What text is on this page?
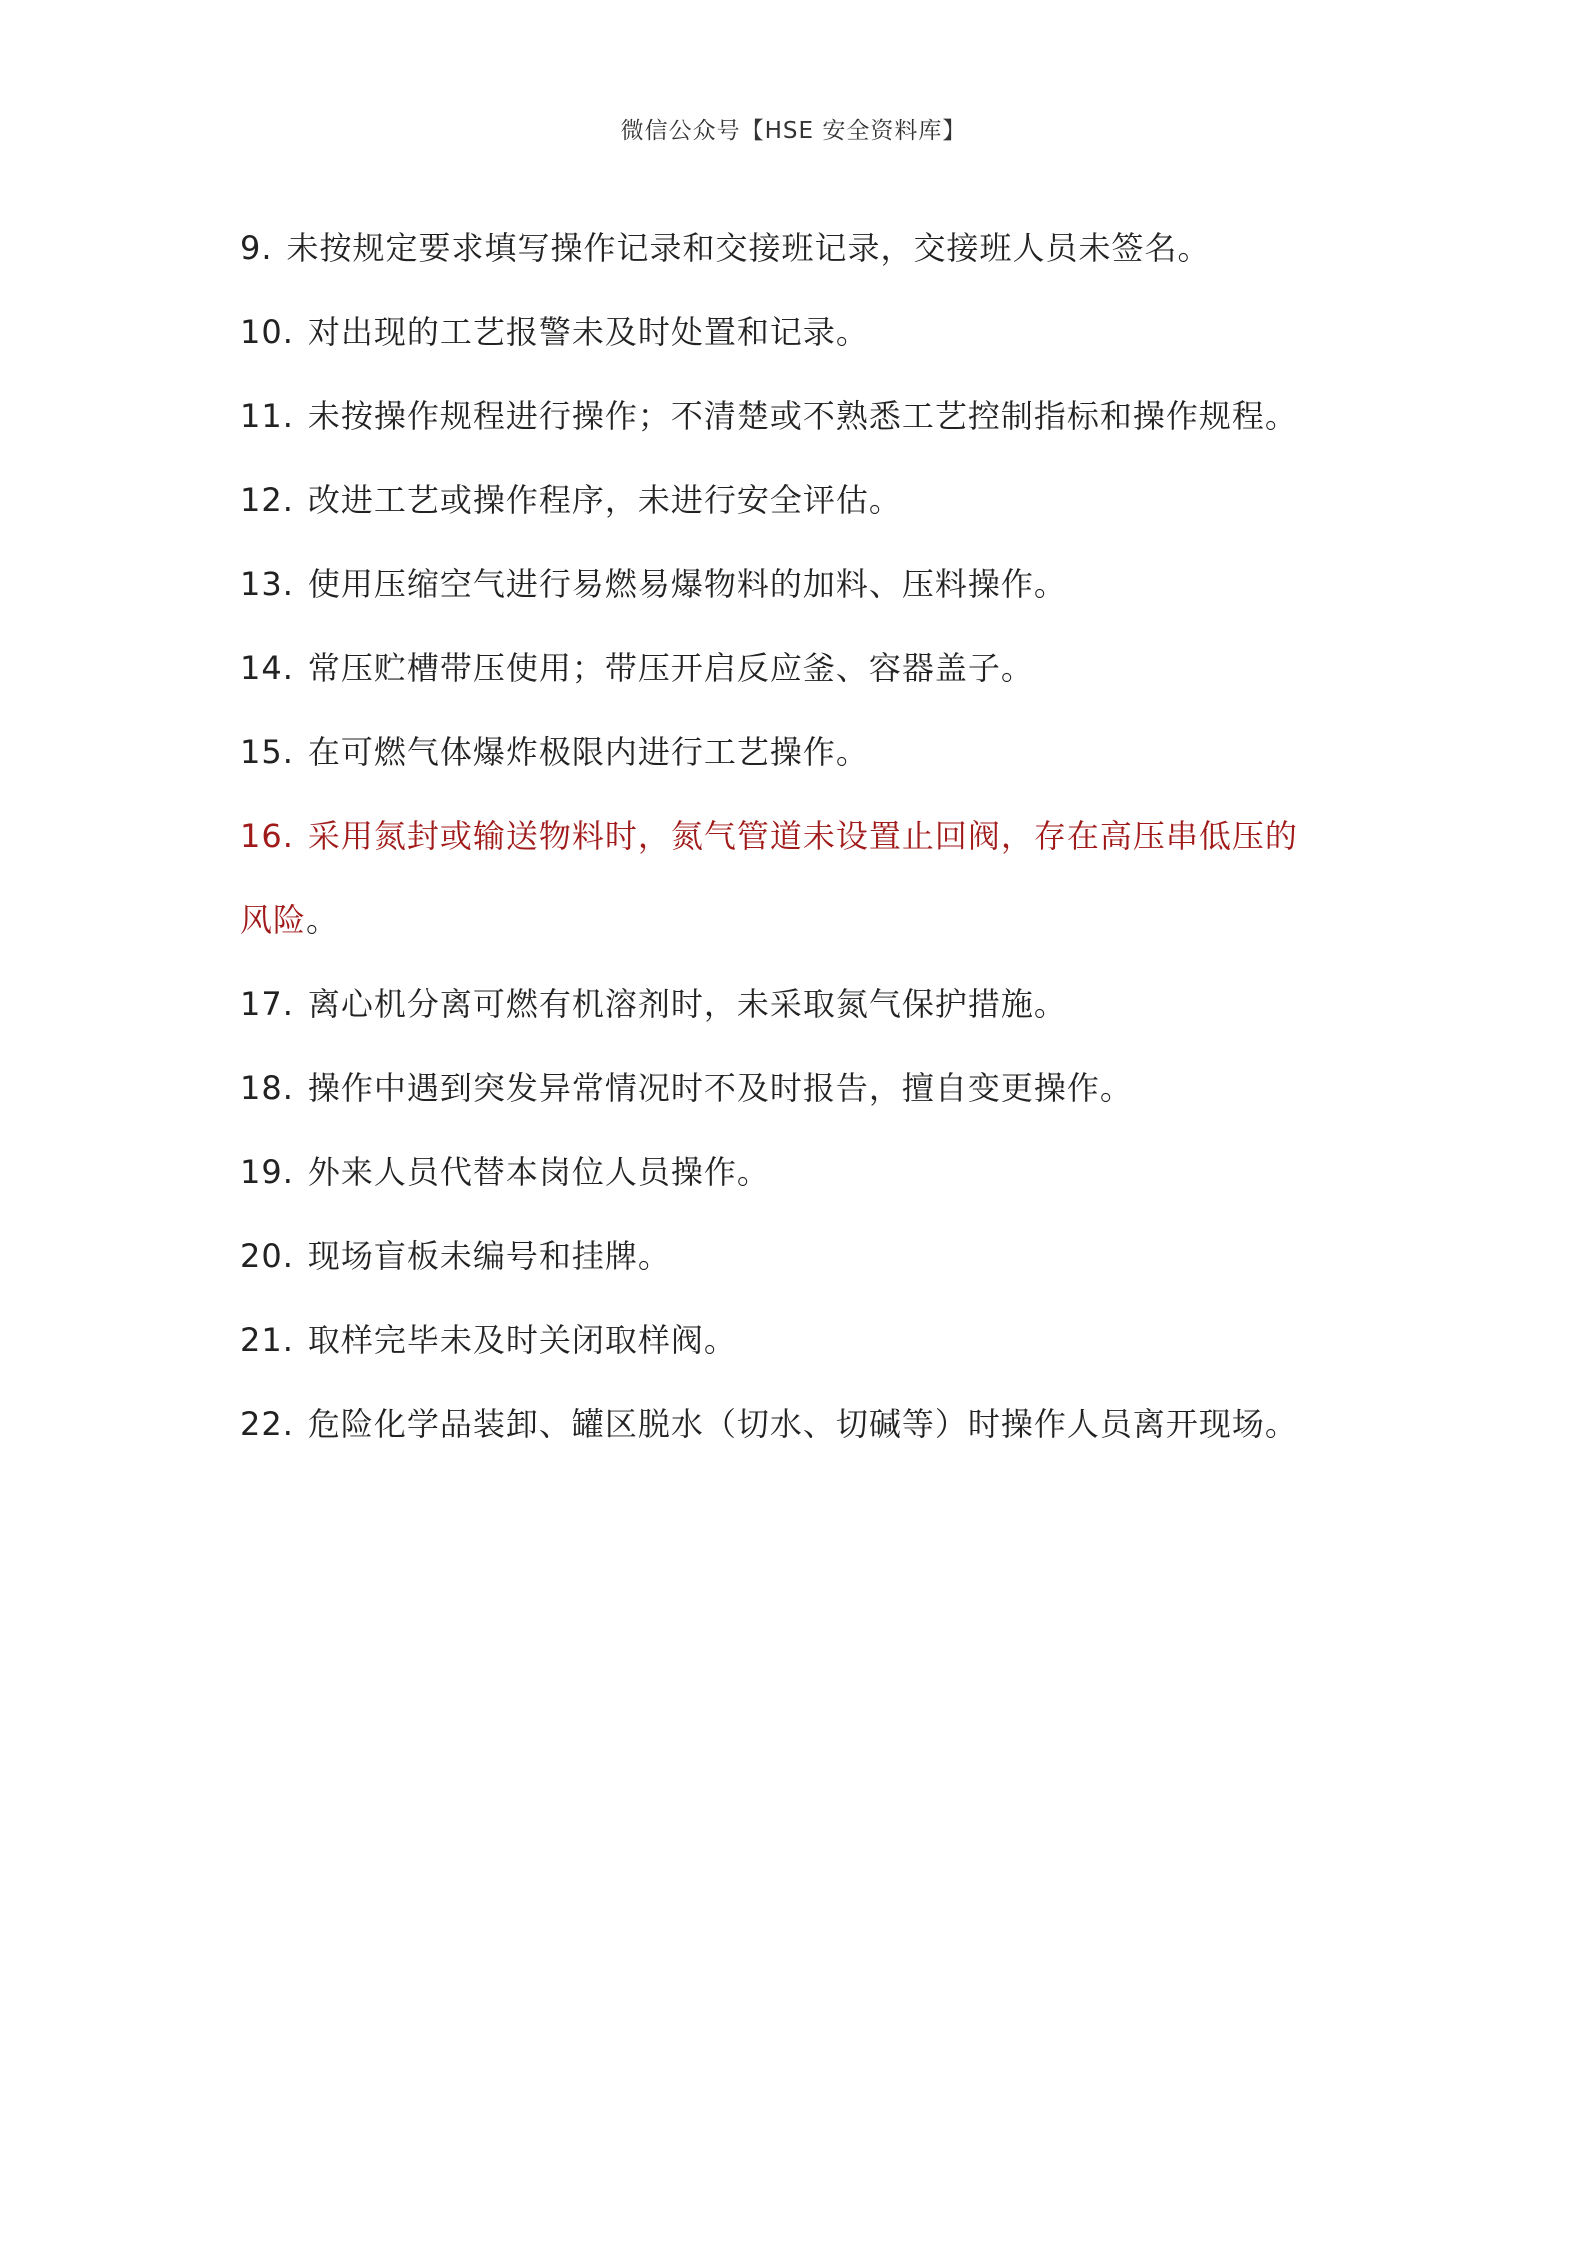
微信公众号【HSE 安全资料库】
9. 未按规定要求填写操作记录和交接班记录，交接班人员未签名。
10. 对出现的工艺报警未及时处置和记录。
11. 未按操作规程进行操作；不清楚或不熟悉工艺控制指标和操作规程。
12. 改进工艺或操作程序，未进行安全评估。
13. 使用压缩空气进行易燃易爆物料的加料、压料操作。
14. 常压贮槽带压使用；带压开启反应釜、容器盖子。
15. 在可燃气体爆炸极限内进行工艺操作。
16. 采用氮封或输送物料时，氮气管道未设置止回阀，存在高压串低压的
风险。
17. 离心机分离可燃有机溶剂时，未采取氮气保护措施。
18. 操作中遇到突发异常情况时不及时报告，擅自变更操作。
19. 外来人员代替本岗位人员操作。
20. 现场盲板未编号和挂牌。
21. 取样完毕未及时关闭取样阀。
22. 危险化学品装卸、罐区脱水（切水、切碱等）时操作人员离开现场。
